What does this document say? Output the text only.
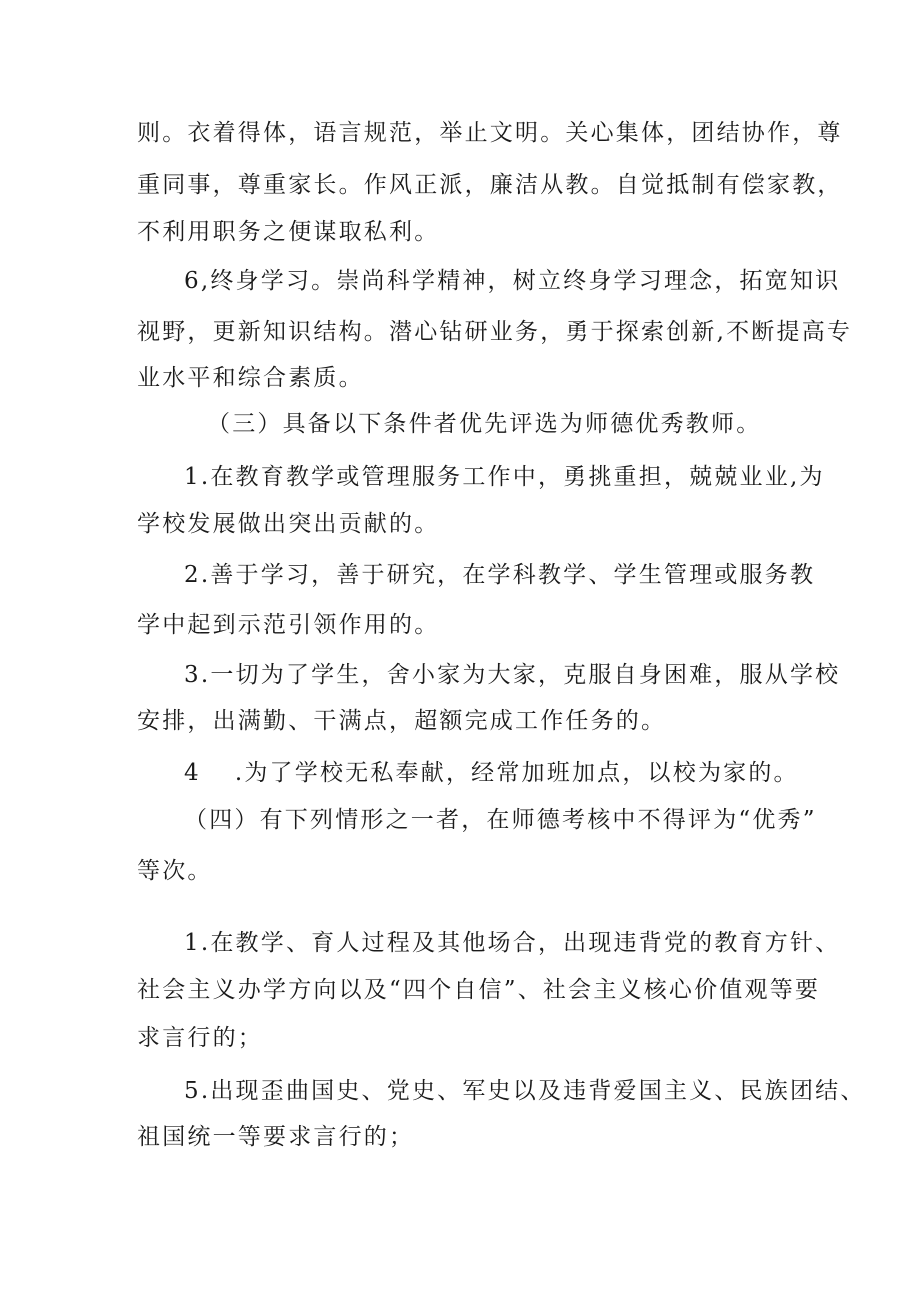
则。衣着得体，语言规范，举止文明。关心集体，团结协作，尊
重同事，尊重家长。作风正派，廉洁从教。自觉抵制有偿家教，
不利用职务之便谋取私利。
6,终身学习。崇尚科学精神，树立终身学习理念，拓宽知识
视野，更新知识结构。潜心钻研业务，勇于探索创新,不断提高专
业水平和综合素质。
（三）具备以下条件者优先评选为师德优秀教师。
1.在教育教学或管理服务工作中，勇挑重担，兢兢业业,为
学校发展做出突出贡献的。
2.善于学习，善于研究，在学科教学、学生管理或服务教
学中起到示范引领作用的。
3.一切为了学生，舍小家为大家，克服自身困难，服从学校
安排，出满勤、干满点，超额完成工作任务的。
4 .为了学校无私奉献，经常加班加点，以校为家的。
（四）有下列情形之一者，在师德考核中不得评为“优秀”
等次。
1.在教学、育人过程及其他场合，出现违背党的教育方针、
社会主义办学方向以及“四个自信”、社会主义核心价值观等要
求言行的；
5.出现歪曲国史、党史、军史以及违背爱国主义、民族团结、
祖国统一等要求言行的；
